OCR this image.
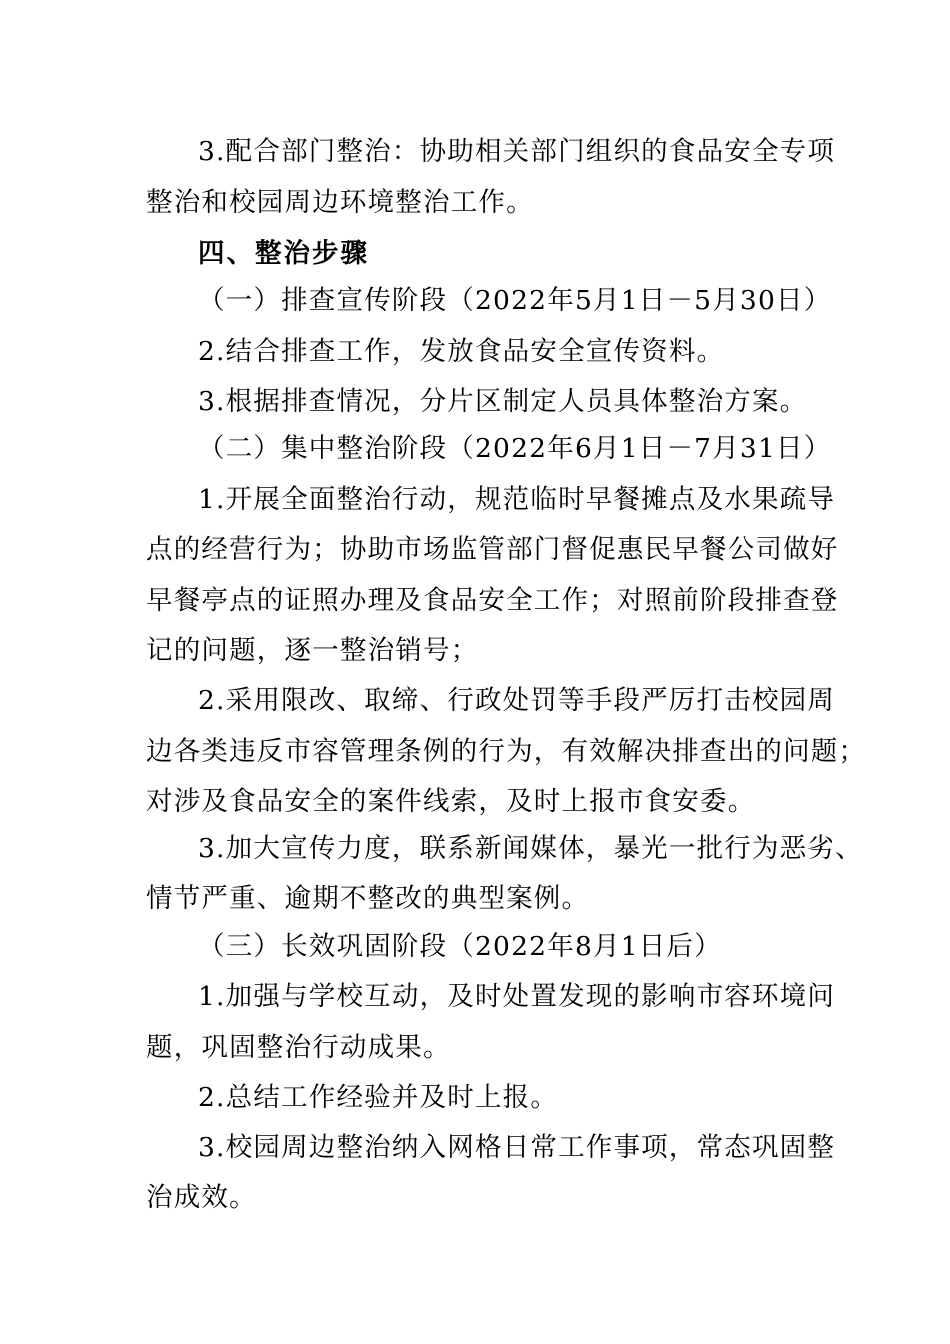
3.配合部门整治：协助相关部门组织的食品安全专项
整治和校园周边环境整治工作。
四、整治步骤
（一）排查宣传阶段（2022年5月1日－5月30日）
2.结合排查工作，发放食品安全宣传资料。
3.根据排查情况，分片区制定人员具体整治方案。
（二）集中整治阶段（2022年6月1日－7月31日）
1.开展全面整治行动，规范临时早餐摊点及水果疏导
点的经营行为；协助市场监管部门督促惠民早餐公司做好
早餐亭点的证照办理及食品安全工作；对照前阶段排查登
记的问题，逐一整治销号；
2.采用限改、取缔、行政处罚等手段严厉打击校园周
边各类违反市容管理条例的行为，有效解决排查出的问题；
对涉及食品安全的案件线索，及时上报市食安委。
3.加大宣传力度，联系新闻媒体，暴光一批行为恶劣、
情节严重、逾期不整改的典型案例。
（三）长效巩固阶段（2022年8月1日后）
1.加强与学校互动，及时处置发现的影响市容环境问
题，巩固整治行动成果。
2.总结工作经验并及时上报。
3.校园周边整治纳入网格日常工作事项，常态巩固整
治成效。
